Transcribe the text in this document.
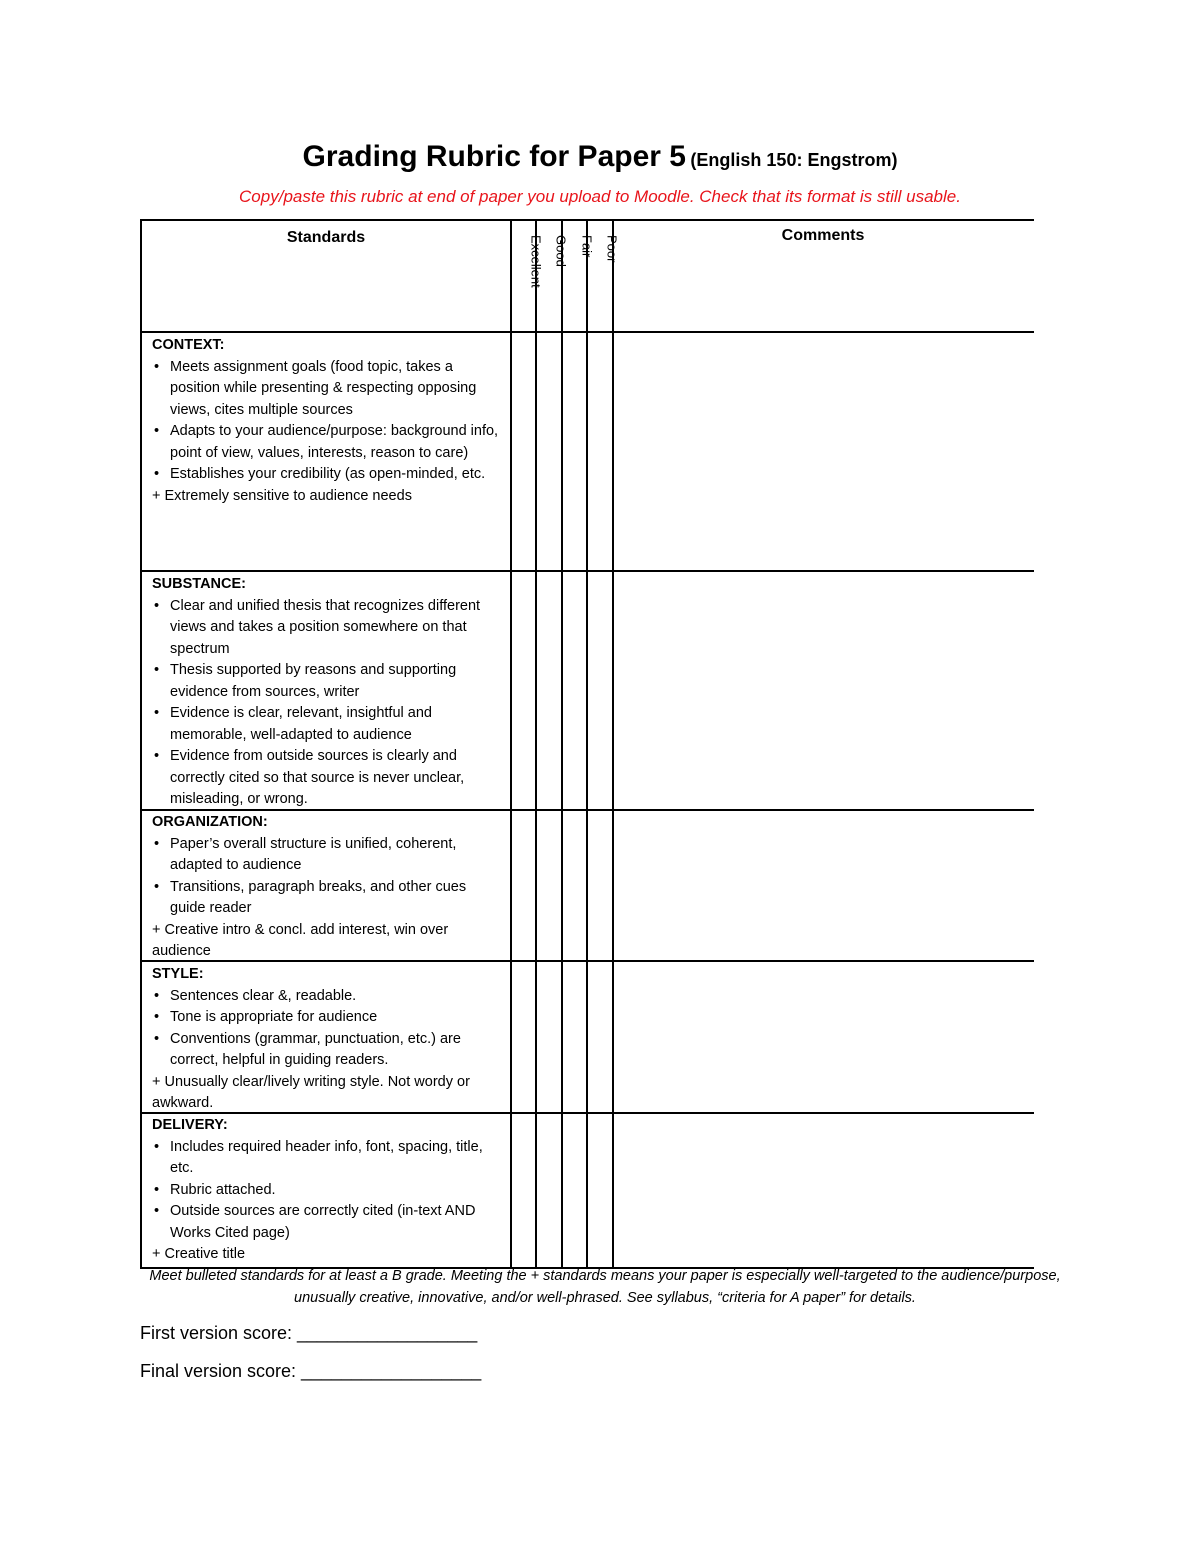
Grading Rubric for Paper 5 (English 150: Engstrom)
Copy/paste this rubric at end of paper you upload to Moodle. Check that its format is still usable.
Standards	Comments
Excellent Good Fair Poor
CONTEXT:
• Meets assignment goals (food topic, takes a position while presenting & respecting opposing views, cites multiple sources
• Adapts to your audience/purpose: background info, point of view, values, interests, reason to care)
• Establishes your credibility (as open-minded, etc.
+ Extremely sensitive to audience needs
SUBSTANCE:
• Clear and unified thesis that recognizes different views and takes a position somewhere on that spectrum
• Thesis supported by reasons and supporting evidence from sources, writer
• Evidence is clear, relevant, insightful and memorable, well-adapted to audience
• Evidence from outside sources is clearly and correctly cited so that source is never unclear, misleading, or wrong.
ORGANIZATION:
• Paper’s overall structure is unified, coherent, adapted to audience
• Transitions, paragraph breaks, and other cues guide reader
+ Creative intro & concl. add interest, win over audience
STYLE:
• Sentences clear &, readable.
• Tone is appropriate for audience
• Conventions (grammar, punctuation, etc.) are correct, helpful in guiding readers.
+ Unusually clear/lively writing style. Not wordy or awkward.
DELIVERY:
• Includes required header info, font, spacing, title, etc.
• Rubric attached.
• Outside sources are correctly cited (in-text AND Works Cited page)
+ Creative title
Meet bulleted standards for at least a B grade. Meeting the + standards means your paper is especially well-targeted to the audience/purpose, unusually creative, innovative, and/or well-phrased. See syllabus, “criteria for A paper” for details.
First version score: __________________
Final version score: __________________
